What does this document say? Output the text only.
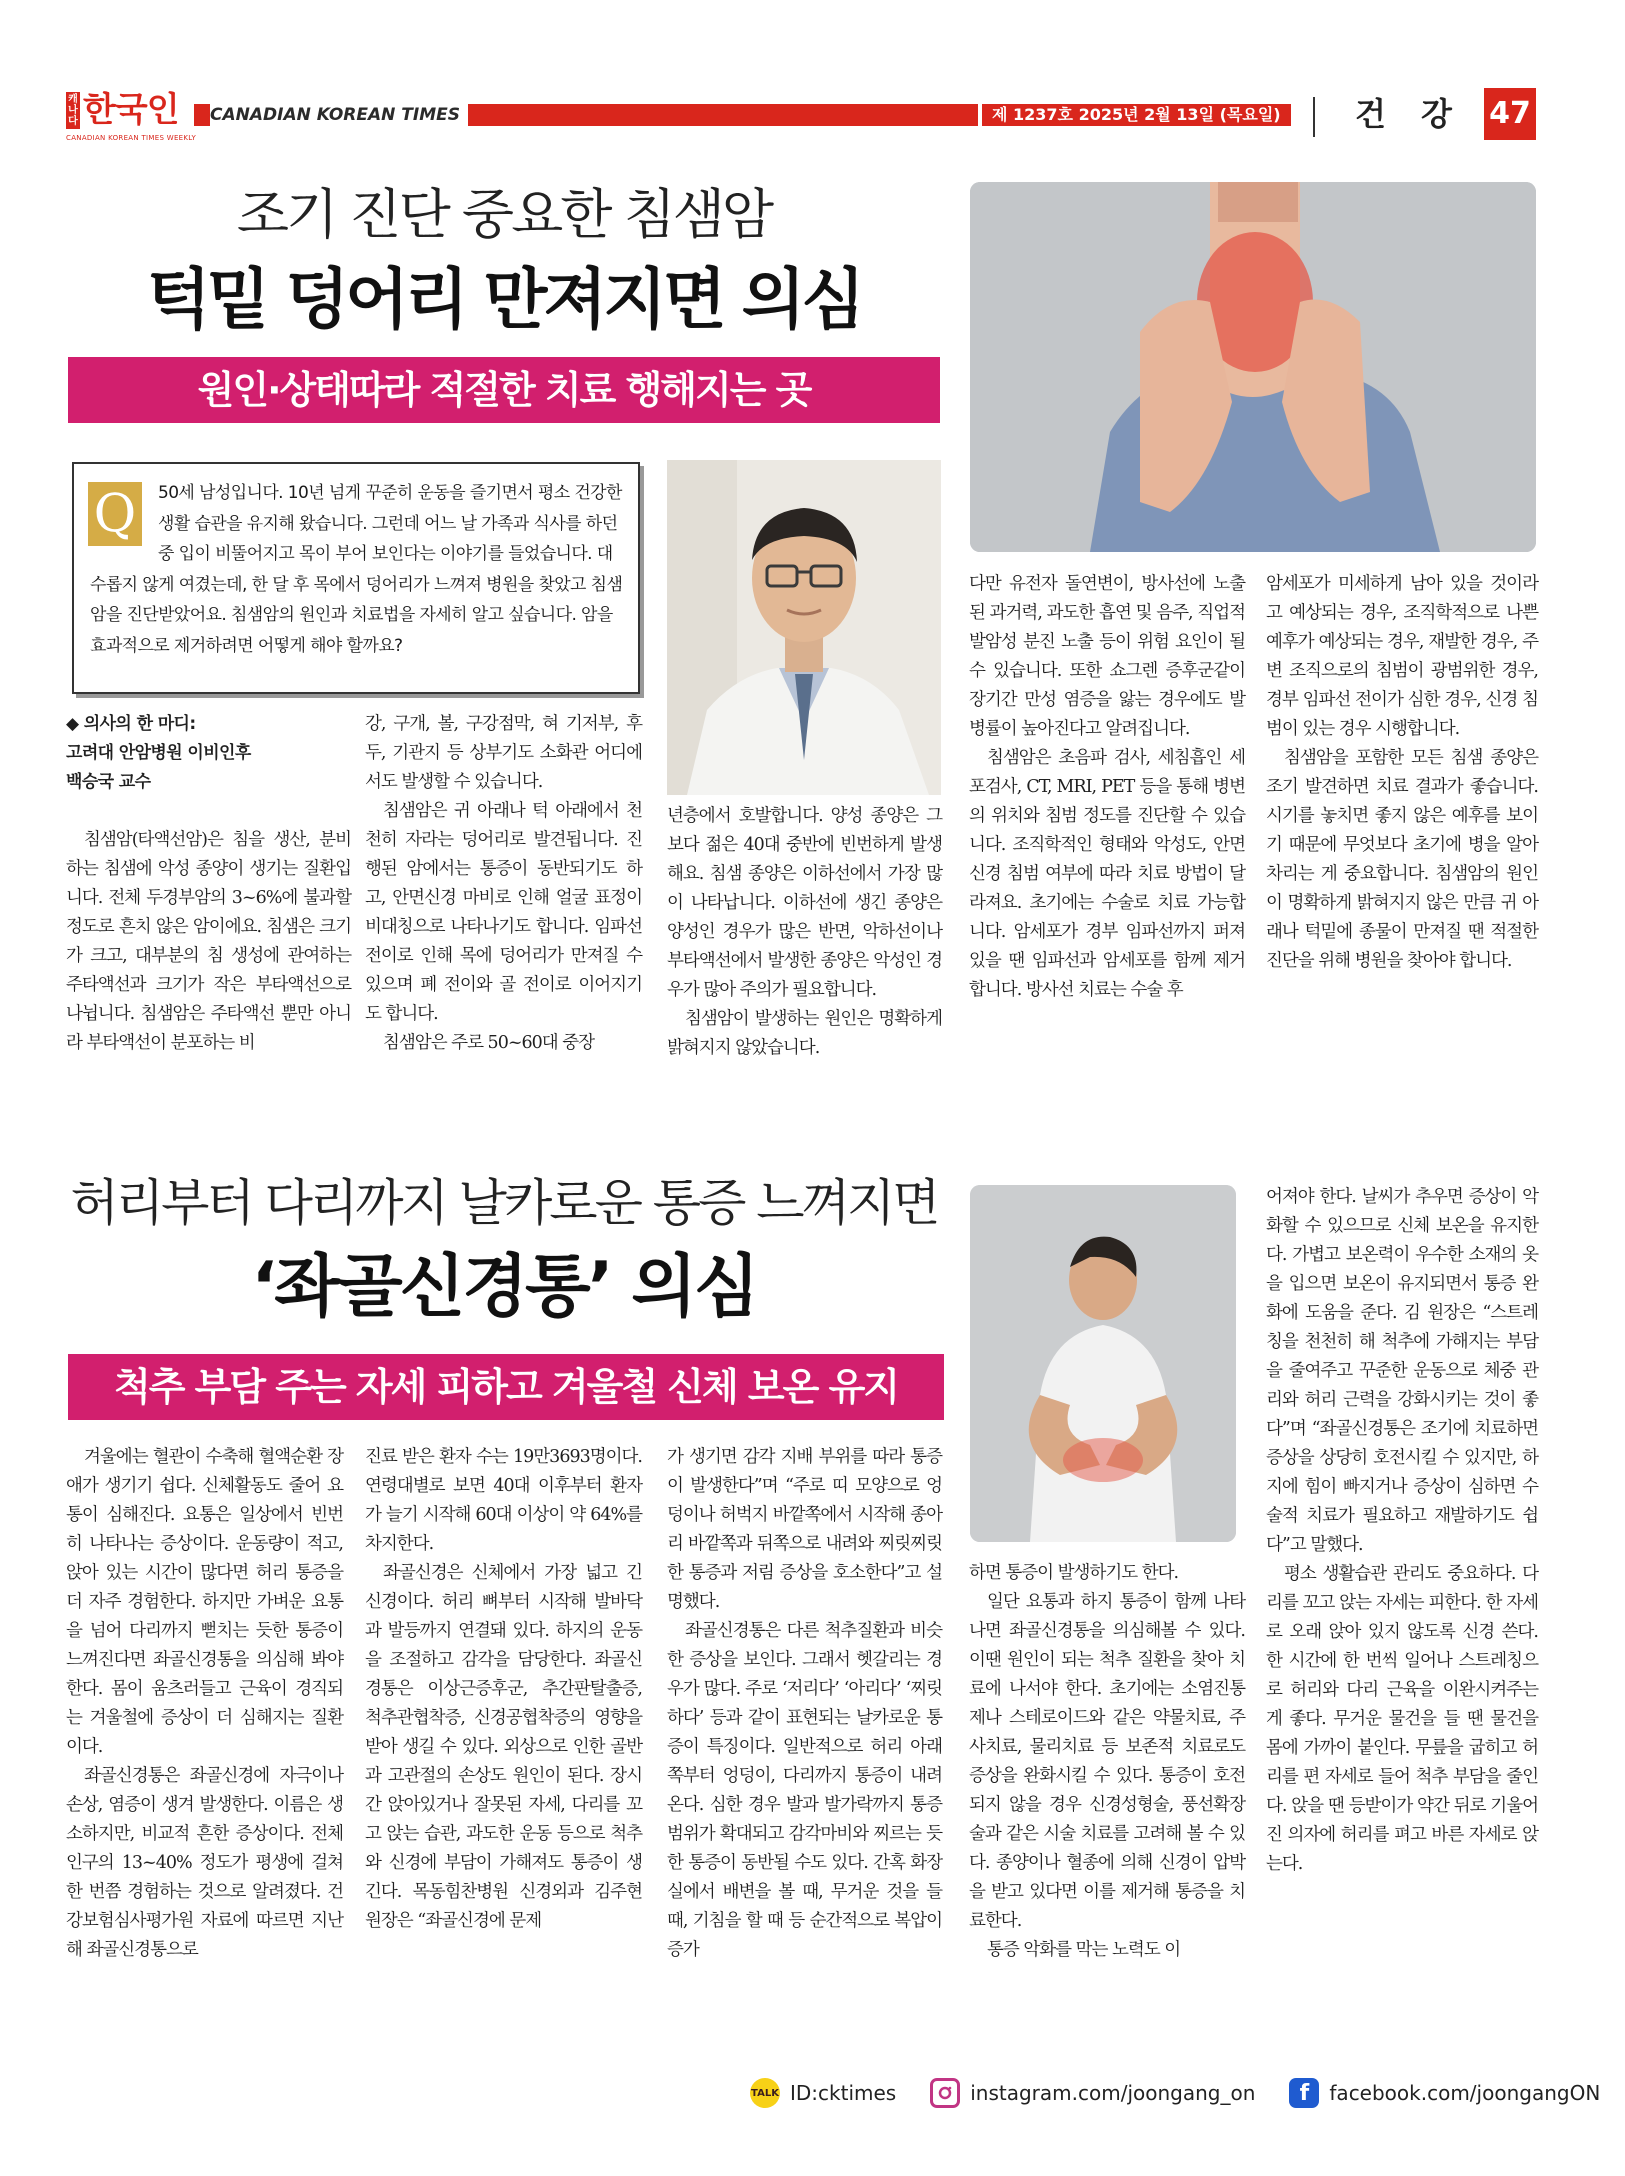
캐나다 한국인
CANADIAN KOREAN TIMES WEEKLY
CANADIAN KOREAN TIMES	제 1237호 2025년 2월 13일 (목요일)	건 강 47
조기 진단 중요한 침샘암
턱밑 덩어리 만져지면 의심
원인·상태따라 적절한 치료 행해지는 곳
Q	50세 남성입니다. 10년 넘게 꾸준히 운동을 즐기면서 평소 건강한 생활 습관을 유지해 왔습니다. 그런데 어느 날 가족과 식사를 하던 중 입이 비뚤어지고 목이 부어 보인다는 이야기를 들었습니다. 대수롭지 않게 여겼는데, 한 달 후 목에서 덩어리가 느껴져 병원을 찾았고 침샘암을 진단받았어요. 침샘암의 원인과 치료법을 자세히 알고 싶습니다. 암을 효과적으로 제거하려면 어떻게 해야 할까요?

◆ 의사의 한 마디:

고려대 안암병원 이비인후

백승국 교수

침샘암(타액선암)은 침을 생산, 분비하는 침샘에 악성 종양이 생기는 질환입니다. 전체 두경부암의 3~6%에 불과할 정도로 흔치 않은 암이에요. 침샘은 크기가 크고, 대부분의 침 생성에 관여하는 주타액선과 크기가 작은 부타액선으로 나뉩니다. 침샘암은 주타액선 뿐만 아니라 부타액선이 분포하는 비

강, 구개, 볼, 구강점막, 혀 기저부, 후두, 기관지 등 상부기도 소화관 어디에서도 발생할 수 있습니다.

침샘암은 귀 아래나 턱 아래에서 천천히 자라는 덩어리로 발견됩니다. 진행된 암에서는 통증이 동반되기도 하고, 안면신경 마비로 인해 얼굴 표정이 비대칭으로 나타나기도 합니다. 임파선 전이로 인해 목에 덩어리가 만져질 수 있으며 폐 전이와 골 전이로 이어지기도 합니다.

침샘암은 주로 50~60대 중장

년층에서 호발합니다. 양성 종양은 그보다 젊은 40대 중반에 빈번하게 발생해요. 침샘 종양은 이하선에서 가장 많이 나타납니다. 이하선에 생긴 종양은 양성인 경우가 많은 반면, 악하선이나 부타액선에서 발생한 종양은 악성인 경우가 많아 주의가 필요합니다.

침샘암이 발생하는 원인은 명확하게 밝혀지지 않았습니다.

다만 유전자 돌연변이, 방사선에 노출된 과거력, 과도한 흡연 및 음주, 직업적 발암성 분진 노출 등이 위험 요인이 될 수 있습니다. 또한 쇼그렌 증후군같이 장기간 만성 염증을 앓는 경우에도 발병률이 높아진다고 알려집니다.

침샘암은 초음파 검사, 세침흡인 세포검사, CT, MRI, PET 등을 통해 병변의 위치와 침범 정도를 진단할 수 있습니다. 조직학적인 형태와 악성도, 안면신경 침범 여부에 따라 치료 방법이 달라져요. 초기에는 수술로 치료 가능합니다. 암세포가 경부 임파선까지 퍼져 있을 땐 임파선과 암세포를 함께 제거합니다. 방사선 치료는 수술 후

암세포가 미세하게 남아 있을 것이라고 예상되는 경우, 조직학적으로 나쁜 예후가 예상되는 경우, 재발한 경우, 주변 조직으로의 침범이 광범위한 경우, 경부 임파선 전이가 심한 경우, 신경 침범이 있는 경우 시행합니다.

침샘암을 포함한 모든 침샘 종양은 조기 발견하면 치료 결과가 좋습니다. 시기를 놓치면 좋지 않은 예후를 보이기 때문에 무엇보다 초기에 병을 알아차리는 게 중요합니다. 침샘암의 원인이 명확하게 밝혀지지 않은 만큼 귀 아래나 턱밑에 종물이 만져질 땐 적절한 진단을 위해 병원을 찾아야 합니다.

허리부터 다리까지 날카로운 통증 느껴지면
‘좌골신경통’ 의심
척추 부담 주는 자세 피하고 겨울철 신체 보온 유지

겨울에는 혈관이 수축해 혈액순환 장애가 생기기 쉽다. 신체활동도 줄어 요통이 심해진다. 요통은 일상에서 빈번히 나타나는 증상이다. 운동량이 적고, 앉아 있는 시간이 많다면 허리 통증을 더 자주 경험한다. 하지만 가벼운 요통을 넘어 다리까지 뻗치는 듯한 통증이 느껴진다면 좌골신경통을 의심해 봐야 한다. 몸이 움츠러들고 근육이 경직되는 겨울철에 증상이 더 심해지는 질환이다.

좌골신경통은 좌골신경에 자극이나 손상, 염증이 생겨 발생한다. 이름은 생소하지만, 비교적 흔한 증상이다. 전체 인구의 13~40% 정도가 평생에 걸쳐 한 번쯤 경험하는 것으로 알려졌다. 건강보험심사평가원 자료에 따르면 지난해 좌골신경통으로

진료 받은 환자 수는 19만3693명이다. 연령대별로 보면 40대 이후부터 환자가 늘기 시작해 60대 이상이 약 64%를 차지한다.

좌골신경은 신체에서 가장 넓고 긴 신경이다. 허리 뼈부터 시작해 발바닥과 발등까지 연결돼 있다. 하지의 운동을 조절하고 감각을 담당한다. 좌골신경통은 이상근증후군, 추간판탈출증, 척추관협착증, 신경공협착증의 영향을 받아 생길 수 있다. 외상으로 인한 골반과 고관절의 손상도 원인이 된다. 장시간 앉아있거나 잘못된 자세, 다리를 꼬고 앉는 습관, 과도한 운동 등으로 척추와 신경에 부담이 가해져도 통증이 생긴다. 목동힘찬병원 신경외과 김주현 원장은 “좌골신경에 문제

가 생기면 감각 지배 부위를 따라 통증이 발생한다”며 “주로 띠 모양으로 엉덩이나 허벅지 바깥쪽에서 시작해 종아리 바깥쪽과 뒤쪽으로 내려와 찌릿찌릿한 통증과 저림 증상을 호소한다”고 설명했다.

좌골신경통은 다른 척추질환과 비슷한 증상을 보인다. 그래서 헷갈리는 경우가 많다. 주로 ‘저리다’ ‘아리다’ ‘찌릿하다’ 등과 같이 표현되는 날카로운 통증이 특징이다. 일반적으로 허리 아래쪽부터 엉덩이, 다리까지 통증이 내려온다. 심한 경우 발과 발가락까지 통증 범위가 확대되고 감각마비와 찌르는 듯한 통증이 동반될 수도 있다. 간혹 화장실에서 배변을 볼 때, 무거운 것을 들 때, 기침을 할 때 등 순간적으로 복압이 증가

하면 통증이 발생하기도 한다.

일단 요통과 하지 통증이 함께 나타나면 좌골신경통을 의심해볼 수 있다. 이땐 원인이 되는 척추 질환을 찾아 치료에 나서야 한다. 초기에는 소염진통제나 스테로이드와 같은 약물치료, 주사치료, 물리치료 등 보존적 치료로도 증상을 완화시킬 수 있다. 통증이 호전되지 않을 경우 신경성형술, 풍선확장술과 같은 시술 치료를 고려해 볼 수 있다. 종양이나 혈종에 의해 신경이 압박을 받고 있다면 이를 제거해 통증을 치료한다.

통증 악화를 막는 노력도 이

어져야 한다. 날씨가 추우면 증상이 악화할 수 있으므로 신체 보온을 유지한다. 가볍고 보온력이 우수한 소재의 옷을 입으면 보온이 유지되면서 통증 완화에 도움을 준다. 김 원장은 “스트레칭을 천천히 해 척추에 가해지는 부담을 줄여주고 꾸준한 운동으로 체중 관리와 허리 근력을 강화시키는 것이 좋다”며 “좌골신경통은 조기에 치료하면 증상을 상당히 호전시킬 수 있지만, 하지에 힘이 빠지거나 증상이 심하면 수술적 치료가 필요하고 재발하기도 쉽다”고 말했다.

평소 생활습관 관리도 중요하다. 다리를 꼬고 앉는 자세는 피한다. 한 자세로 오래 앉아 있지 않도록 신경 쓴다. 한 시간에 한 번씩 일어나 스트레칭으로 허리와 다리 근육을 이완시켜주는 게 좋다. 무거운 물건을 들 땐 물건을 몸에 가까이 붙인다. 무릎을 굽히고 허리를 편 자세로 들어 척추 부담을 줄인다. 앉을 땐 등받이가 약간 뒤로 기울어진 의자에 허리를 펴고 바른 자세로 앉는다.

TALK ID:cktimes	instagram.com/joongang_on	f	facebook.com/joongangON
